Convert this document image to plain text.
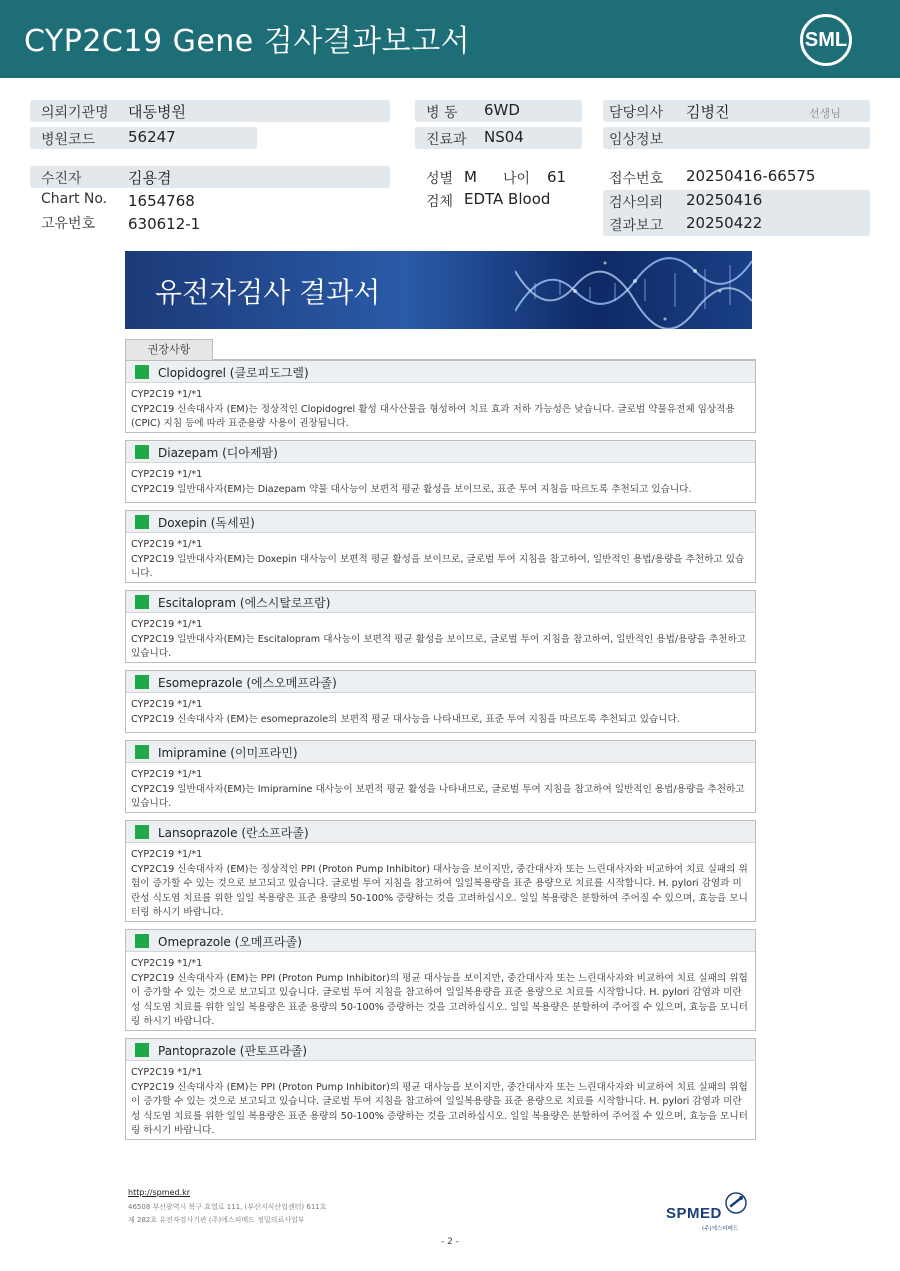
CYP2C19 Gene 검사결과보고서	SML
의뢰기관명 대동병원
병원코드 56247
병 동 6WD
진료과 NS04
담당의사 김병진	선생님
임상정보
수진자	김용겸
Chart No. 1654768
고유번호 630612-1
성별 M 나이 61
검체 EDTA Blood
접수번호 20250416-66575
검사의뢰 20250416
결과보고 20250422
유전자검사 결과서
권장사항
Clopidogrel (클로피도그렐)
CYP2C19 *1/*1
CYP2C19 신속대사자 (EM)는 정상적인 Clopidogrel 활성 대사산물을 형성하여 치료 효과 저하 가능성은 낮습니다. 글로벌 약물유전체 임상적용 (CPIC) 지침 등에 따라 표준용량 사용이 권장됩니다.
Diazepam (디아제팜)
CYP2C19 *1/*1
CYP2C19 일반대사자(EM)는 Diazepam 약물 대사능이 보편적 평균 활성을 보이므로, 표준 투여 지침을 따르도록 추천되고 있습니다.
Doxepin (독세핀)
CYP2C19 *1/*1
CYP2C19 일반대사자(EM)는 Doxepin 대사능이 보편적 평균 활성을 보이므로, 글로벌 투여 지침을 참고하여, 일반적인 용법/용량을 추천하고 있습니다.
Escitalopram (에스시탈로프람)
CYP2C19 *1/*1
CYP2C19 일반대사자(EM)는 Escitalopram 대사능이 보편적 평균 활성을 보이므로, 글로벌 투여 지침을 참고하여, 일반적인 용법/용량을 추천하고 있습니다.
Esomeprazole (에스오메프라졸)
CYP2C19 *1/*1
CYP2C19 신속대사자 (EM)는 esomeprazole의 보편적 평균 대사능을 나타내므로, 표준 투여 지침을 따르도록 추천되고 있습니다.
Imipramine (이미프라민)
CYP2C19 *1/*1
CYP2C19 일반대사자(EM)는 Imipramine 대사능이 보편적 평균 활성을 나타내므로, 글로벌 투여 지침을 참고하여 일반적인 용법/용량을 추천하고 있습니다.
Lansoprazole (란소프라졸)
CYP2C19 *1/*1
CYP2C19 신속대사자 (EM)는 정상적인 PPI (Proton Pump Inhibitor) 대사능을 보이지만, 중간대사자 또는 느린대사자와 비교하여 치료 실패의 위험이 증가할 수 있는 것으로 보고되고 있습니다. 글로벌 투여 지침을 참고하여 일일복용량을 표준 용량으로 치료를 시작합니다. H. pylori 감염과 미란성 식도염 치료를 위한 일일 복용량은 표준 용량의 50-100% 증량하는 것을 고려하십시오. 일일 복용량은 분할하여 주어질 수 있으며, 효능을 모니터링 하시기 바랍니다.
Omeprazole (오메프라졸)
CYP2C19 *1/*1
CYP2C19 신속대사자 (EM)는 PPI (Proton Pump Inhibitor)의 평균 대사능을 보이지만, 중간대사자 또는 느린대사자와 비교하여 치료 실패의 위험이 증가할 수 있는 것으로 보고되고 있습니다. 글로벌 투여 지침을 참고하여 일일복용량을 표준 용량으로 치료를 시작합니다. H. pylori 감염과 미란성 식도염 치료를 위한 일일 복용량은 표준 용량의 50-100% 증량하는 것을 고려하십시오. 일일 복용량은 분할하여 주어질 수 있으며, 효능을 모니터링 하시기 바랍니다.
Pantoprazole (판토프라졸)
CYP2C19 *1/*1
CYP2C19 신속대사자 (EM)는 PPI (Proton Pump Inhibitor)의 평균 대사능을 보이지만, 중간대사자 또는 느린대사자와 비교하여 치료 실패의 위험이 증가할 수 있는 것으로 보고되고 있습니다. 글로벌 투여 지침을 참고하여 일일복용량을 표준 용량으로 치료를 시작합니다. H. pylori 감염과 미란성 식도염 치료를 위한 일일 복용량은 표준 용량의 50-100% 증량하는 것을 고려하십시오. 일일 복용량은 분할하여 주어질 수 있으며, 효능을 모니터링 하시기 바랍니다.
http://spmed.kr
46508 부산광역시 북구 효열로 111, (부산지식산업센터) 611호
제 282호 유전자검사기관 (주)에스피메드 정밀의료사업부
- 2 -
SPMED
(주)에스피메드
